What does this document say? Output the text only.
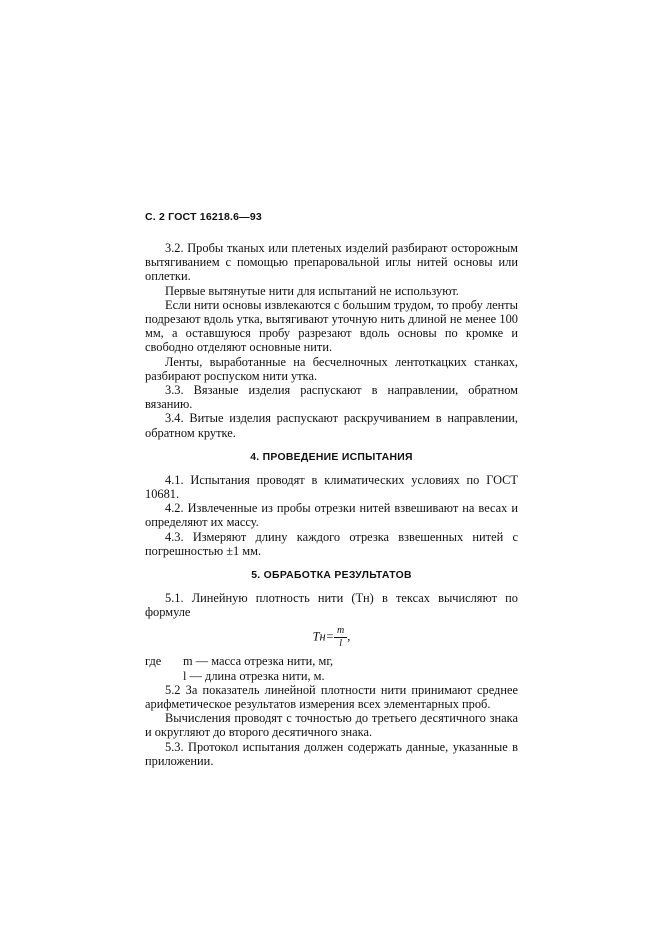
С. 2 ГОСТ 16218.6—93

3.2. Пробы тканых или плетеных изделий разбирают осторожным вытягиванием с помощью препаровальной иглы нитей основы или оплетки.

Первые вытянутые нити для испытаний не используют.

Если нити основы извлекаются с большим трудом, то пробу ленты подрезают вдоль утка, вытягивают уточную нить длиной не менее 100 мм, а оставшуюся пробу разрезают вдоль основы по кромке и свободно отделяют основные нити.

Ленты, выработанные на бесчелночных лентоткацких станках, разбирают роспуском нити утка.

3.3. Вязаные изделия распускают в направлении, обратном вязанию.

3.4. Витые изделия распускают раскручиванием в направлении, обратном крутке.

4. ПРОВЕДЕНИЕ ИСПЫТАНИЯ

4.1. Испытания проводят в климатических условиях по ГОСТ 10681.

4.2. Извлеченные из пробы отрезки нитей взвешивают на весах и определяют их массу.

4.3. Измеряют длину каждого отрезка взвешенных нитей с погрешностью ±1 мм.

5. ОБРАБОТКА РЕЗУЛЬТАТОВ

5.1. Линейную плотность нити (Tн) в тексах вычисляют по формуле

$Tн= \frac{m}{l}$ ,
где	m — масса отрезка нити, мг,
l — длина отрезка нити, м.

5.2 За показатель линейной плотности нити принимают среднее арифметическое результатов измерения всех элементарных проб.

Вычисления проводят с точностью до третьего десятичного знака и округляют до второго десятичного знака.

5.3. Протокол испытания должен содержать данные, указанные в приложении.
